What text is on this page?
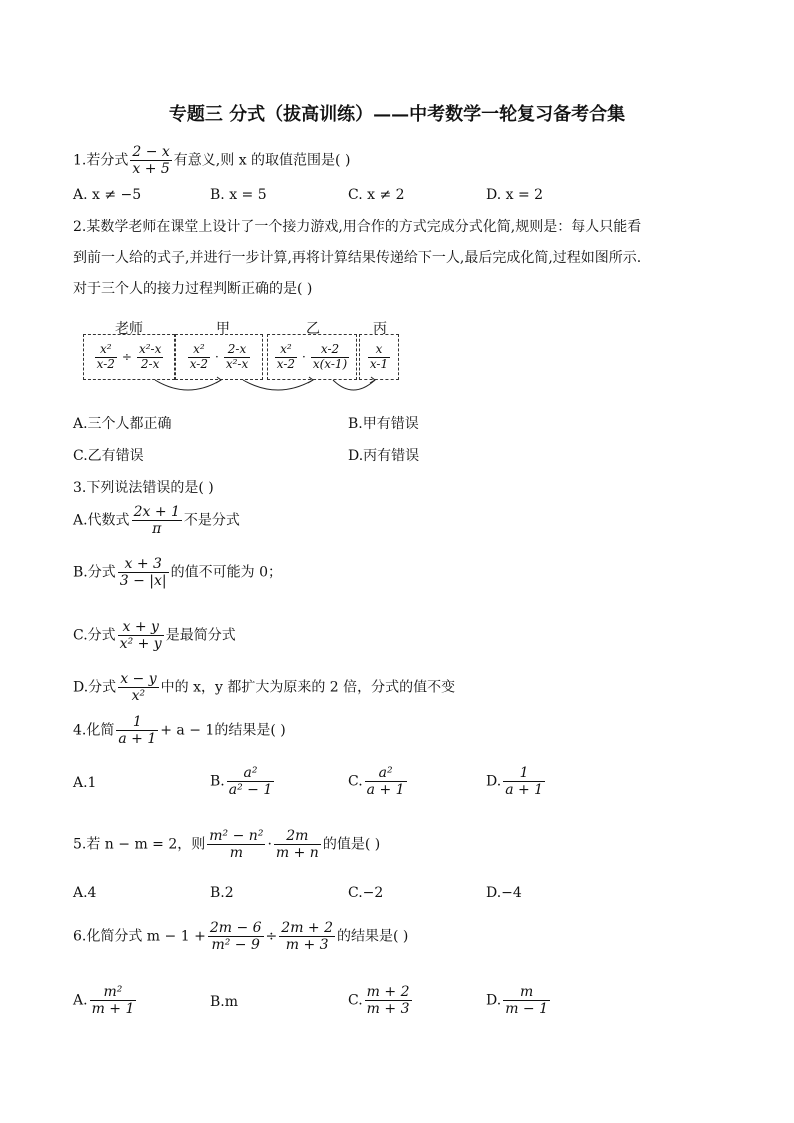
专题三 分式（拔高训练）——中考数学一轮复习备考合集
1.若分式 $\frac{2 - x}{x + 5}$ 有意义,则 x 的取值范围是( )
A. x ≠ −5	B. x = 5	C. x ≠ 2	D. x = 2
2.某数学老师在课堂上设计了一个接力游戏,用合作的方式完成分式化简,规则是：每人只能看
到前一人给的式子,并进行一步计算,再将计算结果传递给下一人,最后完成化简,过程如图所示.
对于三个人的接力过程判断正确的是( )
老师	甲	乙	丙
$\frac{\text{x²}}{x-2} \div \frac{\text{x²-x}}{2-x} \frac{\text{x²}}{x-2} \cdot \frac{2-x}{\text{x²-x}} \frac{\text{x²}}{x-2} \cdot \frac{x-2}{x(x-1)} \frac{x}{x-1}$
A.三个人都正确	B.甲有错误
C.乙有错误	D.丙有错误
3.下列说法错误的是( )
A.代数式 $\frac{2x + 1}{\pi}$ 不是分式
B.分式 $\frac{x + 3}{3 - |x|}$ 的值不可能为 0；
C.分式 $\frac{x + y}{\text{x² + y}}$ 是最简分式
D.分式 $\frac{x - y}{\text{x²}}$ 中的 x，y 都扩大为原来的 2 倍，分式的值不变
4.化简 $\frac{1}{a + 1} + a - 1$的结果是( )
A.1	B. $\frac{\text{a²}}{\text{a² − 1}}$	C. $\frac{\text{a²}}{a + 1}$	D. $\frac{1}{a + 1}$
5.若 n − m = 2，则 $\frac{\text{m² − n²}}{m} \cdot \frac{2m}{m + n}$ 的值是( )
A.4	B.2	C.−2	D.−4
6.化简分式 $m - 1 + \frac{2m - 6}{\text{m² − 9}} \div \frac{2m + 2}{m + 3}$ 的结果是( )
A. $\frac{\text{m²}}{m + 1}$	B.m	C. $\frac{m + 2}{m + 3}$	D. $\frac{m}{m - 1}$
